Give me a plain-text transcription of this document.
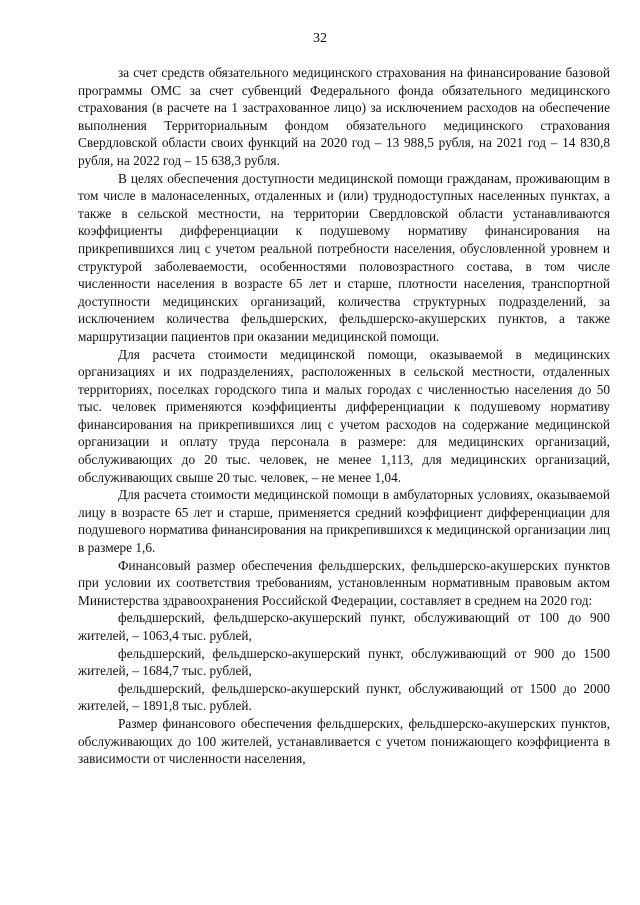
32

за счет средств обязательного медицинского страхования на финансирование базовой программы ОМС за счет субвенций Федерального фонда обязательного медицинского страхования (в расчете на 1 застрахованное лицо) за исключением расходов на обеспечение выполнения Территориальным фондом обязательного медицинского страхования Свердловской области своих функций на 2020 год – 13 988,5 рубля, на 2021 год – 14 830,8 рубля, на 2022 год – 15 638,3 рубля.

В целях обеспечения доступности медицинской помощи гражданам, проживающим в том числе в малонаселенных, отдаленных и (или) труднодоступных населенных пунктах, а также в сельской местности, на территории Свердловской области устанавливаются коэффициенты дифференциации к подушевому нормативу финансирования на прикрепившихся лиц с учетом реальной потребности населения, обусловленной уровнем и структурой заболеваемости, особенностями половозрастного состава, в том числе численности населения в возрасте 65 лет и старше, плотности населения, транспортной доступности медицинских организаций, количества структурных подразделений, за исключением количества фельдшерских, фельдшерско-акушерских пунктов, а также маршрутизации пациентов при оказании медицинской помощи.

Для расчета стоимости медицинской помощи, оказываемой в медицинских организациях и их подразделениях, расположенных в сельской местности, отдаленных территориях, поселках городского типа и малых городах с численностью населения до 50 тыс. человек применяются коэффициенты дифференциации к подушевому нормативу финансирования на прикрепившихся лиц с учетом расходов на содержание медицинской организации и оплату труда персонала в размере: для медицинских организаций, обслуживающих до 20 тыс. человек, не менее 1,113, для медицинских организаций, обслуживающих свыше 20 тыс. человек, – не менее 1,04.

Для расчета стоимости медицинской помощи в амбулаторных условиях, оказываемой лицу в возрасте 65 лет и старше, применяется средний коэффициент дифференциации для подушевого норматива финансирования на прикрепившихся к медицинской организации лиц в размере 1,6.

Финансовый размер обеспечения фельдшерских, фельдшерско-акушерских пунктов при условии их соответствия требованиям, установленным нормативным правовым актом Министерства здравоохранения Российской Федерации, составляет в среднем на 2020 год:

фельдшерский, фельдшерско-акушерский пункт, обслуживающий от 100 до 900 жителей, – 1063,4 тыс. рублей,

фельдшерский, фельдшерско-акушерский пункт, обслуживающий от 900 до 1500 жителей, – 1684,7 тыс. рублей,

фельдшерский, фельдшерско-акушерский пункт, обслуживающий от 1500 до 2000 жителей, – 1891,8 тыс. рублей.

Размер финансового обеспечения фельдшерских, фельдшерско-акушерских пунктов, обслуживающих до 100 жителей, устанавливается с учетом понижающего коэффициента в зависимости от численности населения,
